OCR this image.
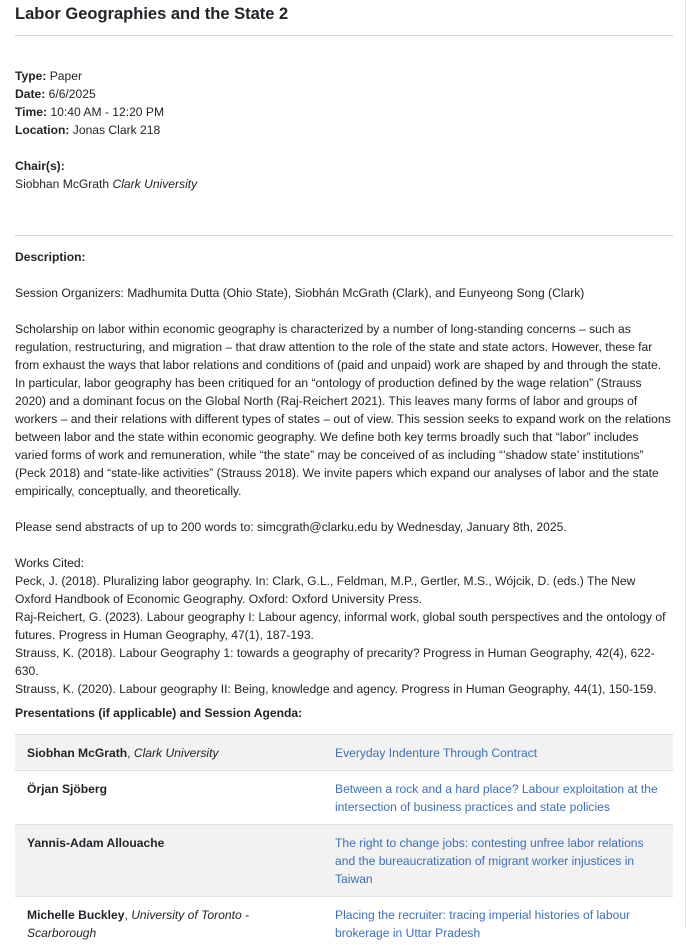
Labor Geographies and the State 2
Type: Paper
Date: 6/6/2025
Time: 10:40 AM - 12:20 PM
Location: Jonas Clark 218
Chair(s):
Siobhan McGrath Clark University

Description:

Session Organizers: Madhumita Dutta (Ohio State), Siobhán McGrath (Clark), and Eunyeong Song (Clark)

Scholarship on labor within economic geography is characterized by a number of long-standing concerns – such as regulation, restructuring, and migration – that draw attention to the role of the state and state actors. However, these far from exhaust the ways that labor relations and conditions of (paid and unpaid) work are shaped by and through the state. In particular, labor geography has been critiqued for an “ontology of production defined by the wage relation” (Strauss 2020) and a dominant focus on the Global North (Raj-Reichert 2021). This leaves many forms of labor and groups of workers – and their relations with different types of states – out of view. This session seeks to expand work on the relations between labor and the state within economic geography. We define both key terms broadly such that “labor” includes varied forms of work and remuneration, while “the state” may be conceived of as including “’shadow state’ institutions” (Peck 2018) and “state-like activities” (Strauss 2018). We invite papers which expand our analyses of labor and the state empirically, conceptually, and theoretically.

Please send abstracts of up to 200 words to: simcgrath@clarku.edu by Wednesday, January 8th, 2025.

Works Cited:

Peck, J. (2018). Pluralizing labor geography. In: Clark, G.L., Feldman, M.P., Gertler, M.S., Wójcik, D. (eds.) The New Oxford Handbook of Economic Geography. Oxford: Oxford University Press.

Raj-Reichert, G. (2023). Labour geography I: Labour agency, informal work, global south perspectives and the ontology of futures. Progress in Human Geography, 47(1), 187-193.

Strauss, K. (2018). Labour Geography 1: towards a geography of precarity? Progress in Human Geography, 42(4), 622-630.

Strauss, K. (2020). Labour geography II: Being, knowledge and agency. Progress in Human Geography, 44(1), 150-159.

Presentations (if applicable) and Session Agenda:
Siobhan McGrath, Clark University	Everyday Indenture Through Contract
Örjan Sjöberg	Between a rock and a hard place? Labour exploitation at the intersection of business practices and state policies
Yannis-Adam Allouache	The right to change jobs: contesting unfree labor relations and the bureaucratization of migrant worker injustices in Taiwan
Michelle Buckley, University of Toronto - Scarborough	Placing the recruiter: tracing imperial histories of labour brokerage in Uttar Pradesh
